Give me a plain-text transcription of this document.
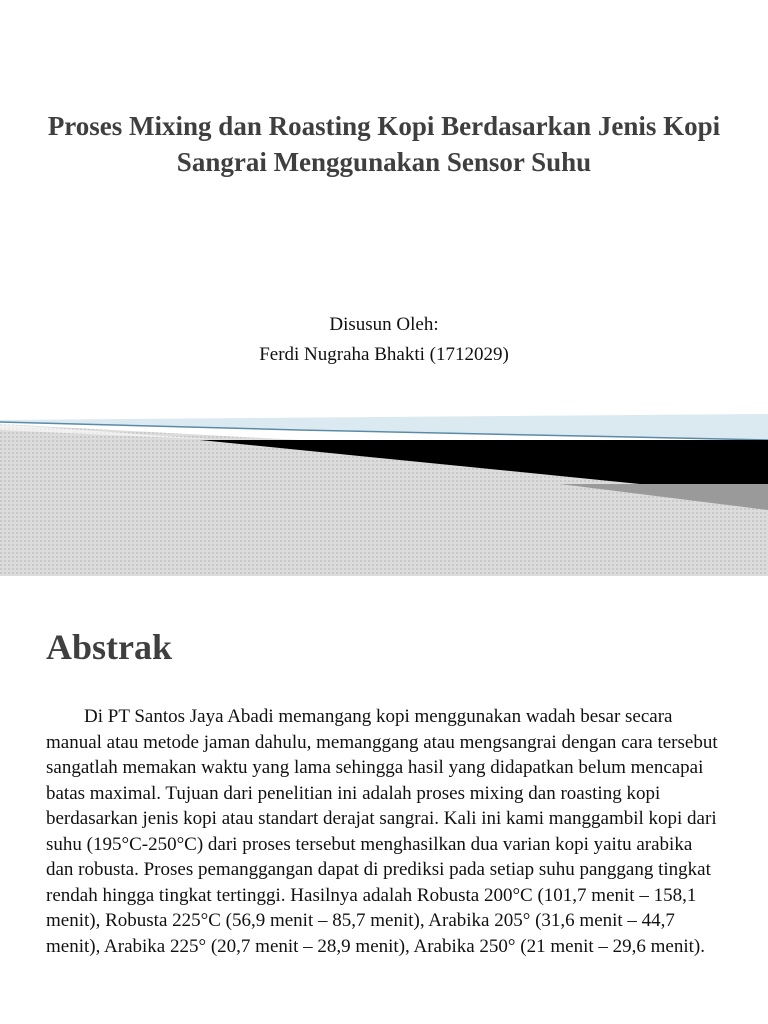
Proses Mixing dan Roasting Kopi Berdasarkan Jenis Kopi
Sangrai Menggunakan Sensor Suhu
Disusun Oleh:
Ferdi Nugraha Bhakti (1712029)
Abstrak

Di PT Santos Jaya Abadi memangang kopi menggunakan wadah besar secara manual atau metode jaman dahulu, memanggang atau mengsangrai dengan cara tersebut sangatlah memakan waktu yang lama sehingga hasil yang didapatkan belum mencapai batas maximal. Tujuan dari penelitian ini adalah proses mixing dan roasting kopi berdasarkan jenis kopi atau standart derajat sangrai. Kali ini kami manggambil kopi dari suhu (195°C-250°C) dari proses tersebut menghasilkan dua varian kopi yaitu arabika dan robusta. Proses pemanggangan dapat di prediksi pada setiap suhu panggang tingkat rendah hingga tingkat tertinggi. Hasilnya adalah Robusta 200°C (101,7 menit – 158,1 menit), Robusta 225°C (56,9 menit – 85,7 menit), Arabika 205° (31,6 menit – 44,7 menit), Arabika 225° (20,7 menit – 28,9 menit), Arabika 250° (21 menit – 29,6 menit).
